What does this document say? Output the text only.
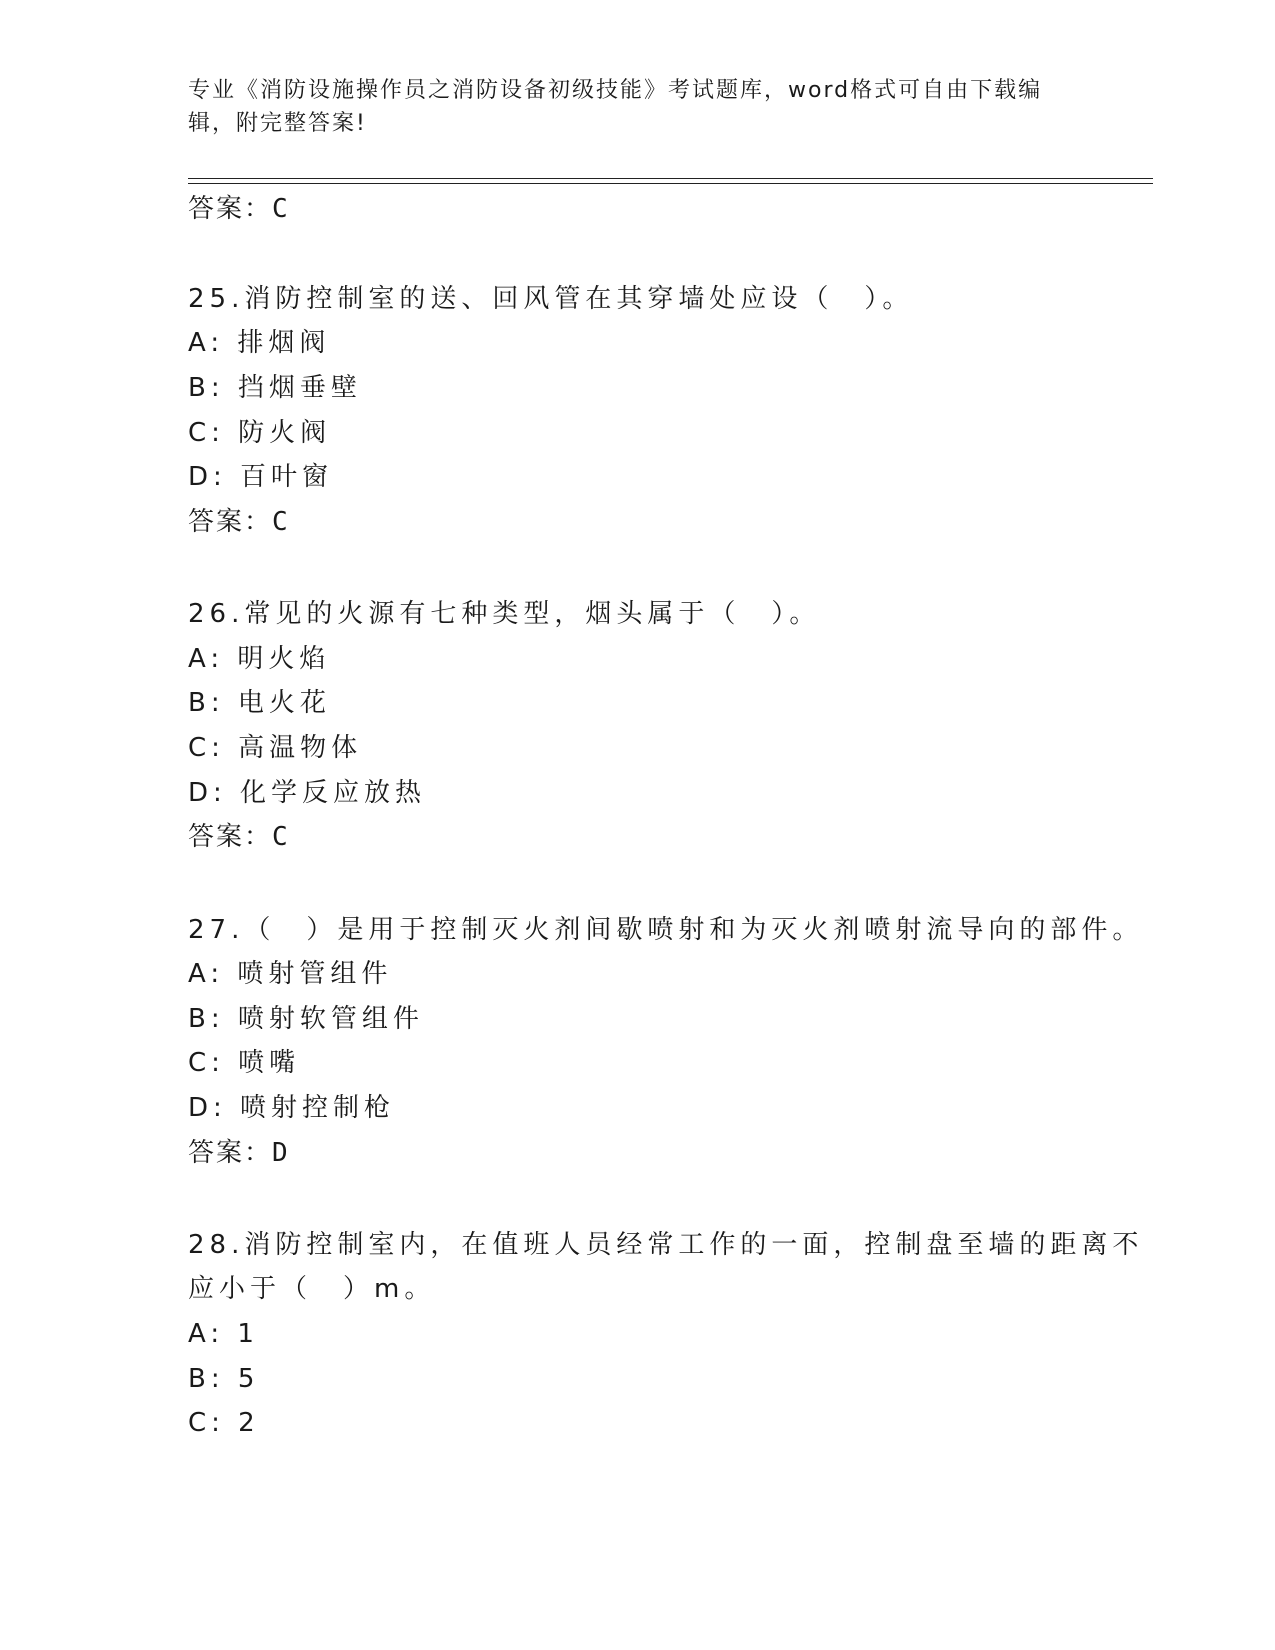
专业《消防设施操作员之消防设备初级技能》考试题库，word格式可自由下载编
辑，附完整答案!
答案：C
25.消防控制室的送、回风管在其穿墙处应设（　）。
A: 排烟阀
B: 挡烟垂壁
C: 防火阀
D: 百叶窗
答案：C
26.常见的火源有七种类型，烟头属于（　）。
A: 明火焰
B: 电火花
C: 高温物体
D: 化学反应放热
答案：C
27.（　）是用于控制灭火剂间歇喷射和为灭火剂喷射流导向的部件。
A: 喷射管组件
B: 喷射软管组件
C: 喷嘴
D: 喷射控制枪
答案：D
28.消防控制室内，在值班人员经常工作的一面，控制盘至墙的距离不
应小于（　）m。
A: 1
B: 5
C: 2
